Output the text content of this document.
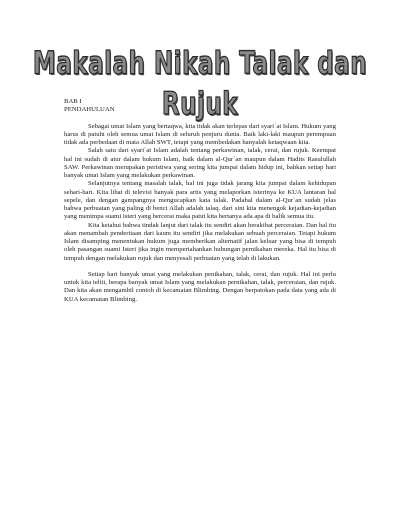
Makalah Nikah Talak dan Rujuk

BAB I

PENDAHULUAN

Sebagai umat Islam yang bertaqwa, kita tidak akan terlepas dari syari`at Islam. Hukum yang harus di patuhi oleh semua umat Islam di seluruh penjuru dunia. Baik laki-laki maupun perempuan tidak ada perbedaan di mata Allah SWT, tetapi yang membedakan hanyalah ketaqwaan kita.

Salah satu dari syari`at Islam adalah tentang perkawinan, talak, cerai, dan rujuk. Keempat hal ini sudah di atur dalam hukum Islam, baik dalam al-Qur`an maupun dalam Hadits Rasulullah SAW. Perkawinan merupakan peristiwa yang sering kita jumpai dalam hidup ini, bahkan setiap hari banyak umat Islam yang melakukan perkawinan.

Selanjutnya tentang masalah talak, hal ini juga tidak jarang kita jumpai dalam kehidupan sehari-hari. Kita lihat di televisi banyak para artis yang melaporkan isterinya ke KUA lantaran hal sepele, dan dengan gampangnya mengucapkan kata talak. Padahal dalam al-Qur`an sudah jelas bahwa perbuatan yang paling di benci Allah adalah talaq. dari sini kita menengok kejadian-kejadian yang menimpa suami isteri yang bercerai maka patut kita bertanya ada apa di balik semua itu.

Kita ketahui bahwa tindak lanjut dari talak itu sendiri akan berakibat perceraian. Dan hal itu akan menambah penderitaan dari kaum itu sendiri jika melakukan sebuah perceraian. Tetapi hukum Islam disamping menentukan hukum juga memberikan alternatif jalan keluar yang bisa di tempuh oleh pasangan suami Isteri jika ingin mempertahankan hubungan pernikahan mereka. Hal itu bisa di tempuh dengan melakukan rujuk dan menyesali perbuatan yang telah di lakukan.

Setiap hari banyak umat yang melakukan penikahan, talak, cerai, dan rujuk. Hal ini perlu untuk kita teliti, berapa banyak umat Islam yang melakukan pernikahan, talak, perceraian, dan rujuk. Dan kita akan mengambil contoh di kecamatan Blimbing. Dengan berpatokan pada data yang ada di KUA kecamatan Blimbing.
